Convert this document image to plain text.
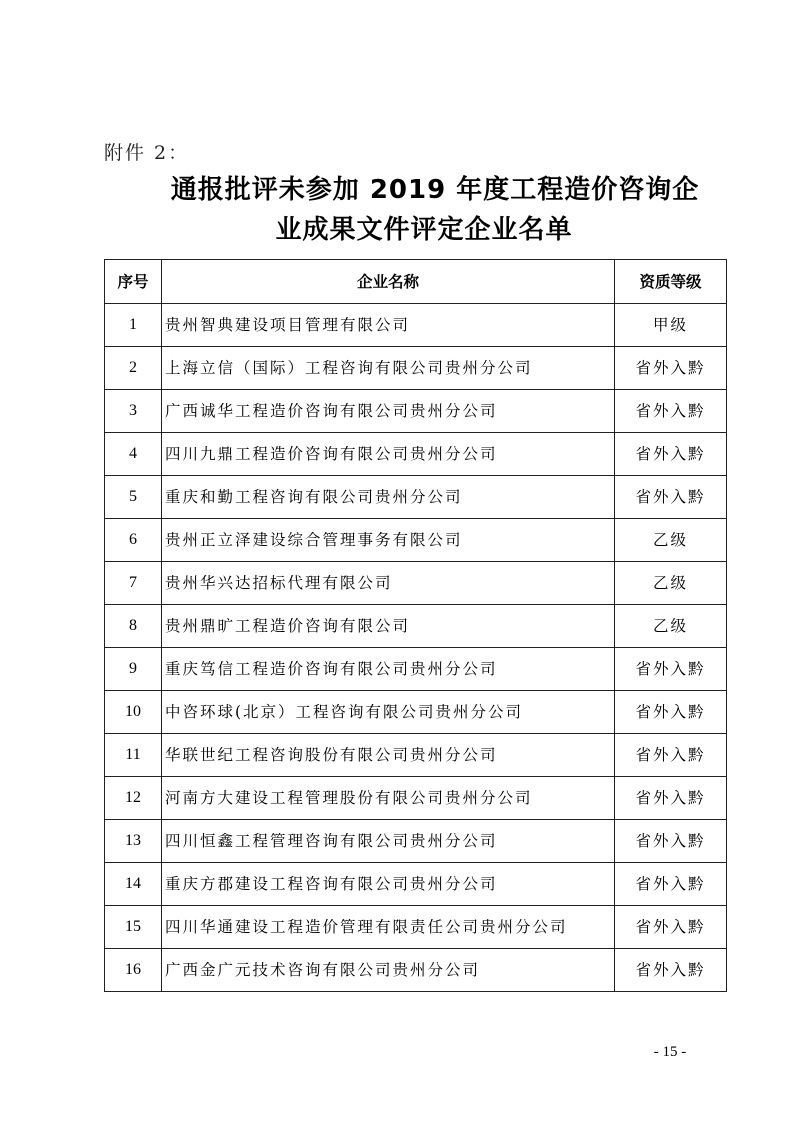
附件 2：
通报批评未参加 2019 年度工程造价咨询企
业成果文件评定企业名单
序号	企业名称	资质等级
1	贵州智典建设项目管理有限公司	甲级
2	上海立信（国际）工程咨询有限公司贵州分公司	省外入黔
3	广西诚华工程造价咨询有限公司贵州分公司	省外入黔
4	四川九鼎工程造价咨询有限公司贵州分公司	省外入黔
5	重庆和勤工程咨询有限公司贵州分公司	省外入黔
6	贵州正立泽建设综合管理事务有限公司	乙级
7	贵州华兴达招标代理有限公司	乙级
8	贵州鼎旷工程造价咨询有限公司	乙级
9	重庆笃信工程造价咨询有限公司贵州分公司	省外入黔
10	中咨环球(北京）工程咨询有限公司贵州分公司	省外入黔
11	华联世纪工程咨询股份有限公司贵州分公司	省外入黔
12	河南方大建设工程管理股份有限公司贵州分公司	省外入黔
13	四川恒鑫工程管理咨询有限公司贵州分公司	省外入黔
14	重庆方郡建设工程咨询有限公司贵州分公司	省外入黔
15	四川华通建设工程造价管理有限责任公司贵州分公司	省外入黔
16	广西金广元技术咨询有限公司贵州分公司	省外入黔
- 15 -
